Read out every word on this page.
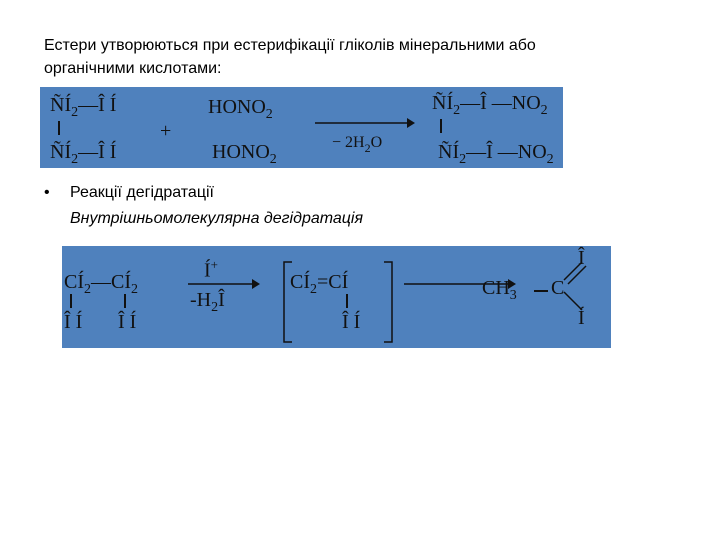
Естери утворюються при естерифікації гліколів мінеральними або
органічними кислотами:

$ÑÍ_2—Î$ Í
$ÑÍ_2—Î$ Í
+
$HONO_2$
$HONO_2$
− $2H_2O$
$ÑÍ_2—Î$ $—NO_2$
$ÑÍ_2—Î$ $—NO_2$
• Реакції дегідратації
Внутрішньомолекулярна дегідратація
$CÍ_2—CÍ_2$
Î Í Î Í
Í+
$-H_2Î$
$CÍ_2=CÍ$
Î Í
$CH_3$ C
Î
Í
